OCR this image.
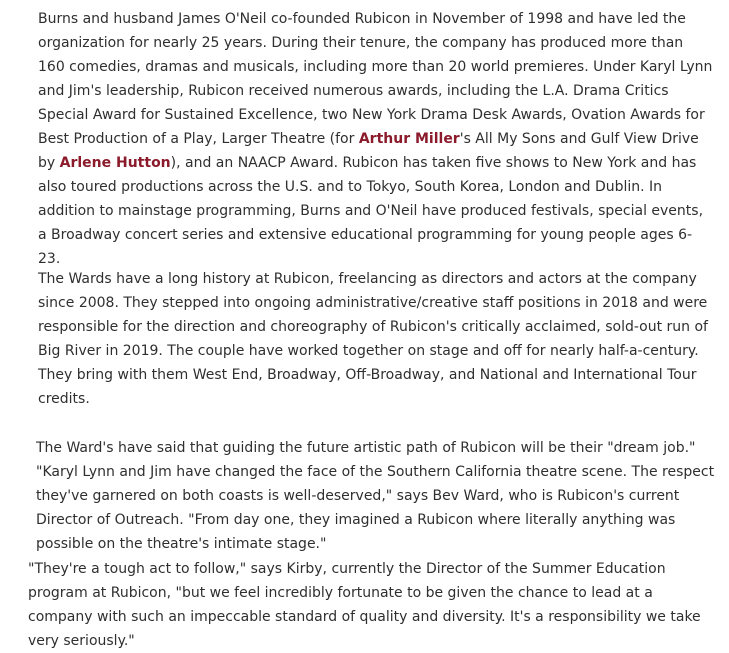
Burns and husband James O'Neil co-founded Rubicon in November of 1998 and have led the organization for nearly 25 years. During their tenure, the company has produced more than 160 comedies, dramas and musicals, including more than 20 world premieres. Under Karyl Lynn and Jim's leadership, Rubicon received numerous awards, including the L.A. Drama Critics Special Award for Sustained Excellence, two New York Drama Desk Awards, Ovation Awards for Best Production of a Play, Larger Theatre (for Arthur Miller's All My Sons and Gulf View Drive by Arlene Hutton), and an NAACP Award. Rubicon has taken five shows to New York and has also toured productions across the U.S. and to Tokyo, South Korea, London and Dublin. In addition to mainstage programming, Burns and O'Neil have produced festivals, special events, a Broadway concert series and extensive educational programming for young people ages 6-23.

The Wards have a long history at Rubicon, freelancing as directors and actors at the company since 2008. They stepped into ongoing administrative/creative staff positions in 2018 and were responsible for the direction and choreography of Rubicon's critically acclaimed, sold-out run of Big River in 2019. The couple have worked together on stage and off for nearly half-a-century. They bring with them West End, Broadway, Off-Broadway, and National and International Tour credits.

The Ward's have said that guiding the future artistic path of Rubicon will be their "dream job." "Karyl Lynn and Jim have changed the face of the Southern California theatre scene. The respect they've garnered on both coasts is well-deserved," says Bev Ward, who is Rubicon's current Director of Outreach. "From day one, they imagined a Rubicon where literally anything was possible on the theatre's intimate stage."

"They're a tough act to follow," says Kirby, currently the Director of the Summer Education program at Rubicon, "but we feel incredibly fortunate to be given the chance to lead at a company with such an impeccable standard of quality and diversity. It's a responsibility we take very seriously."
